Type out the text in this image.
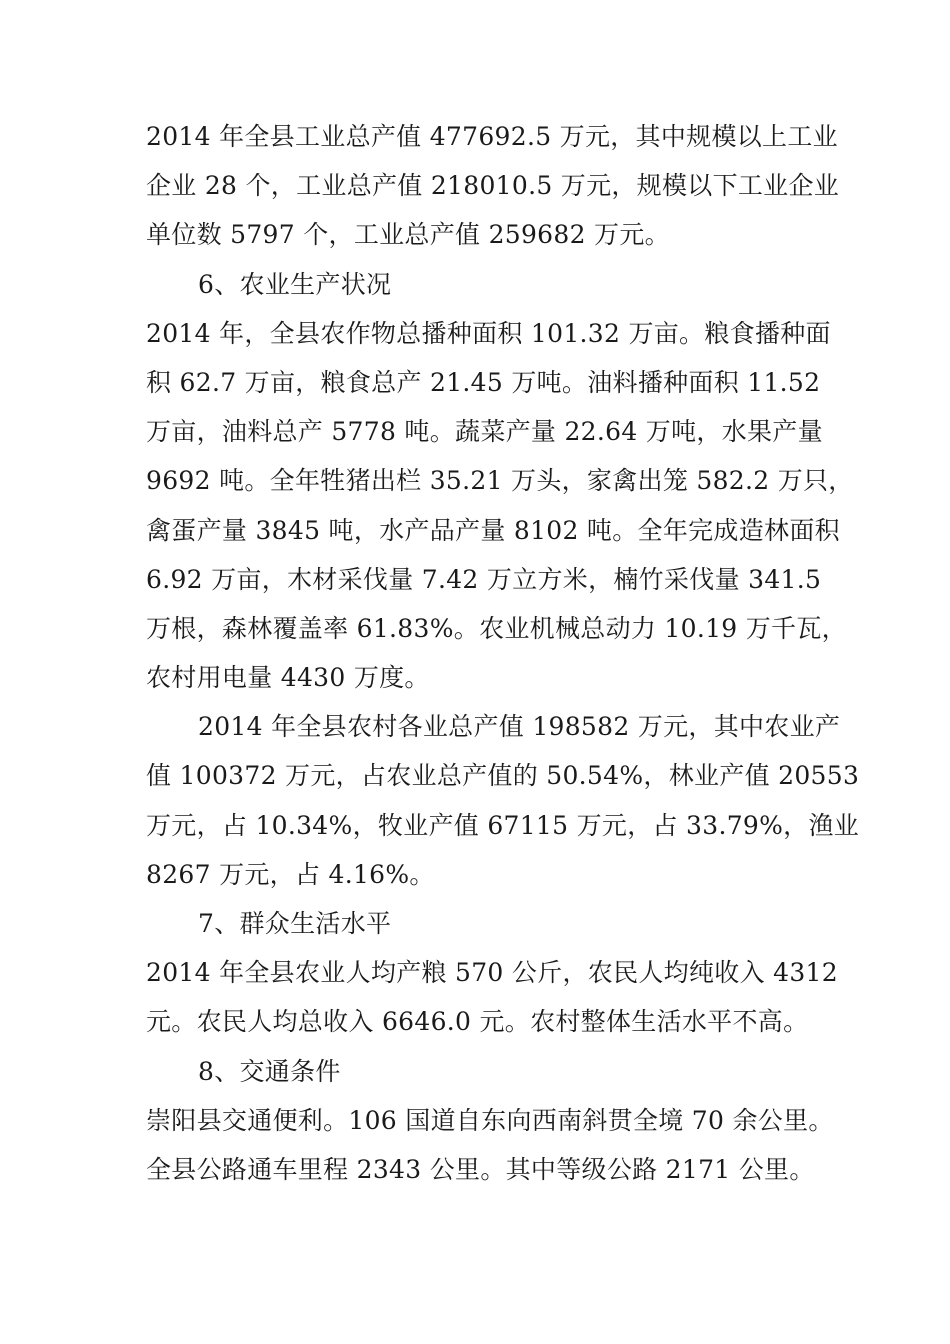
2014 年全县工业总产值 477692.5 万元，其中规模以上工业
企业 28 个，工业总产值 218010.5 万元，规模以下工业企业
单位数 5797 个，工业总产值 259682 万元。
6、农业生产状况
2014 年，全县农作物总播种面积 101.32 万亩。粮食播种面
积 62.7 万亩，粮食总产 21.45 万吨。油料播种面积 11.52
万亩，油料总产 5778 吨。蔬菜产量 22.64 万吨，水果产量
9692 吨。全年牲猪出栏 35.21 万头，家禽出笼 582.2 万只，
禽蛋产量 3845 吨，水产品产量 8102 吨。全年完成造林面积
6.92 万亩，木材采伐量 7.42 万立方米，楠竹采伐量 341.5
万根，森林覆盖率 61.83%。农业机械总动力 10.19 万千瓦，
农村用电量 4430 万度。
2014 年全县农村各业总产值 198582 万元，其中农业产
值 100372 万元，占农业总产值的 50.54%，林业产值 20553
万元，占 10.34%，牧业产值 67115 万元，占 33.79%，渔业
8267 万元，占 4.16%。
7、群众生活水平
2014 年全县农业人均产粮 570 公斤，农民人均纯收入 4312
元。农民人均总收入 6646.0 元。农村整体生活水平不高。
8、交通条件
崇阳县交通便利。106 国道自东向西南斜贯全境 70 余公里。
全县公路通车里程 2343 公里。其中等级公路 2171 公里。
